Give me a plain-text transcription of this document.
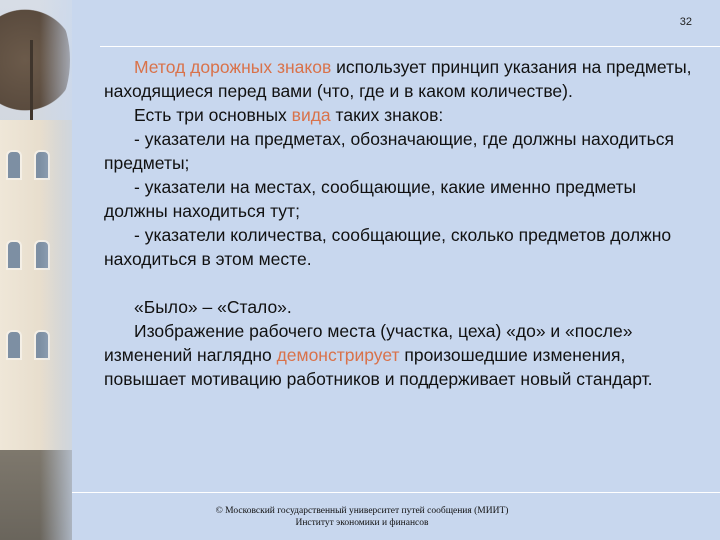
32

Метод дорожных знаков использует принцип указания на предметы, находящиеся перед вами (что, где и в каком количестве).

Есть три основных вида таких знаков:

- указатели на предметах, обозначающие, где должны находиться предметы;

- указатели на местах, сообщающие, какие именно предметы должны находиться тут;

- указатели количества, сообщающие, сколько предметов должно находиться в этом месте.

«Было» – «Стало».

Изображение рабочего места (участка, цеха) «до» и «после» изменений наглядно демонстрирует произошедшие изменения, повышает мотивацию работников и поддерживает новый стандарт.

© Московский государственный университет путей сообщения (МИИТ)
Институт экономики и финансов
